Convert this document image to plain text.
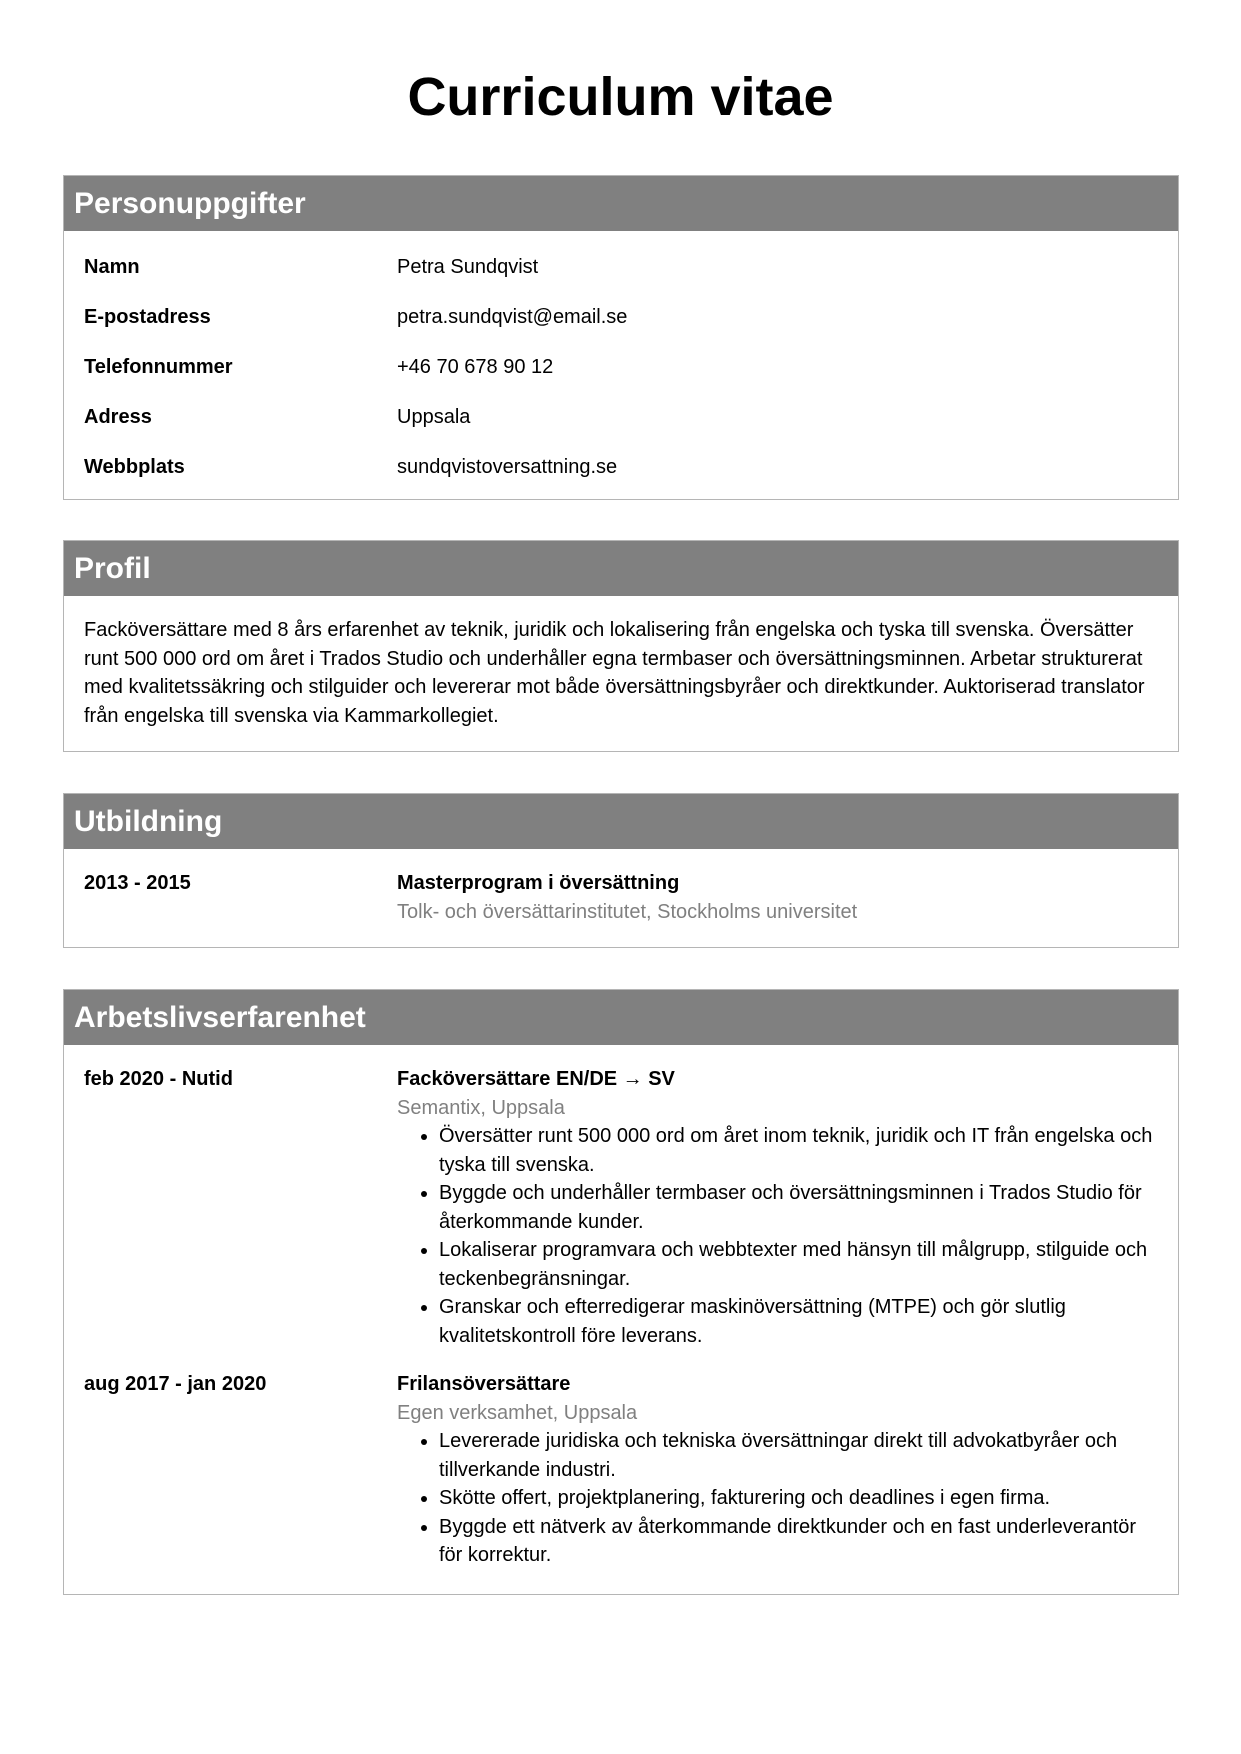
Curriculum vitae
Personuppgifter
Namn	Petra Sundqvist
E-postadress	petra.sundqvist@email.se
Telefonnummer	+46 70 678 90 12
Adress	Uppsala
Webbplats	sundqvistoversattning.se
Profil

Facköversättare med 8 års erfarenhet av teknik, juridik och lokalisering från engelska och tyska till svenska. Översätter runt 500 000 ord om året i Trados Studio och underhåller egna termbaser och översättningsminnen. Arbetar strukturerat med kvalitetssäkring och stilguider och levererar mot både översättningsbyråer och direktkunder. Auktoriserad translator från engelska till svenska via Kammarkollegiet.

Utbildning
2013 - 2015	Masterprogram i översättning
Tolk- och översättarinstitutet, Stockholms universitet
Arbetslivserfarenhet
feb 2020 - Nutid	Facköversättare EN/DE → SV
Semantix, Uppsala
• Översätter runt 500 000 ord om året inom teknik, juridik och IT från engelska och tyska till svenska.
• Byggde och underhåller termbaser och översättningsminnen i Trados Studio för återkommande kunder.
• Lokaliserar programvara och webbtexter med hänsyn till målgrupp, stilguide och teckenbegränsningar.
• Granskar och efterredigerar maskinöversättning (MTPE) och gör slutlig kvalitetskontroll före leverans.
aug 2017 - jan 2020	Frilansöversättare
Egen verksamhet, Uppsala
• Levererade juridiska och tekniska översättningar direkt till advokatbyråer och tillverkande industri.
• Skötte offert, projektplanering, fakturering och deadlines i egen firma.
• Byggde ett nätverk av återkommande direktkunder och en fast underleverantör för korrektur.
